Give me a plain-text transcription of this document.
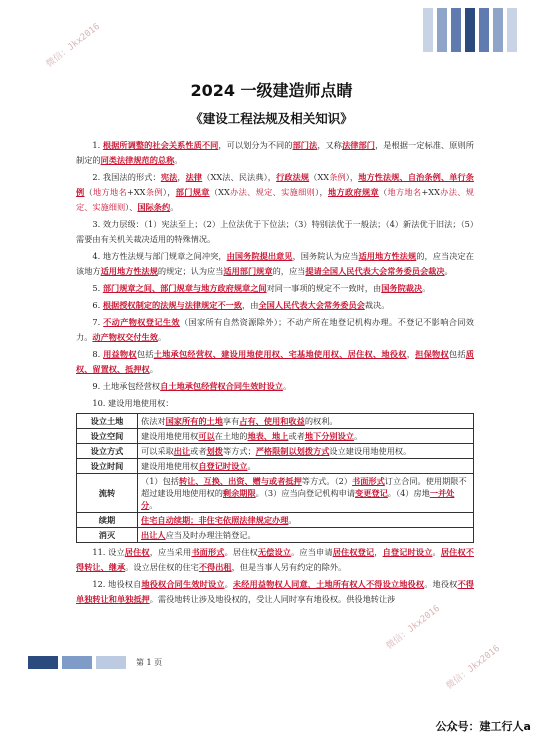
微信：Jkx2016
微信：Jkx2016
微信：Jkx2016
2024 一级建造师点睛
《建设工程法规及相关知识》

1. 根据所调整的社会关系性质不同，可以划分为不同的部门法，又称法律部门，是根据一定标准、原则所制定的同类法律规范的总称。

2. 我国法的形式：宪法，法律（XX法、民法典），行政法规（XX条例），地方性法规、自治条例、单行条例（地方地名+XX条例），部门规章（XX办法、规定、实施细则），地方政府规章（地方地名+XX办法、规定、实施细则）、国际条约。

3. 效力层级：（1）宪法至上；（2）上位法优于下位法；（3）特别法优于一般法；（4）新法优于旧法；（5）需要由有关机关裁决适用的特殊情况。

4. 地方性法规与部门规章之间冲突，由国务院提出意见，国务院认为应当适用地方性法规的，应当决定在该地方适用地方性法规的规定；认为应当适用部门规章的，应当提请全国人民代表大会常务委员会裁决。

5. 部门规章之间、部门规章与地方政府规章之间对同一事项的规定不一致时，由国务院裁决。

6. 根据授权制定的法规与法律规定不一致，由全国人民代表大会常务委员会裁决。

7. 不动产物权登记生效（国家所有自然资源除外）；不动产所在地登记机构办理。不登记不影响合同效力。动产物权交付生效。

8. 用益物权包括土地承包经营权、建设用地使用权、宅基地使用权、居住权、地役权，担保物权包括质权、留置权、抵押权。

9. 土地承包经营权自土地承包经营权合同生效时设立。

10. 建设用地使用权：

设立土地	依法对国家所有的土地享有占有、使用和收益的权利。
设立空间	建设用地使用权可以在土地的地表、地上或者地下分别设立。
设立方式	可以采取出让或者划拨等方式；严格限制以划拨方式设立建设用地使用权。
设立时间	建设用地使用权自登记时设立。
流转	（1）包括转让、互换、出资、赠与或者抵押等方式。（2）书面形式订立合同。使用期限不超过建设用地使用权的剩余期限。（3）应当向登记机构申请变更登记。（4）房地一并处分。
续期	住宅自动续期；非住宅依照法律规定办理。
消灭	出让人应当及时办理注销登记。

11. 设立居住权，应当采用书面形式。居住权无偿设立。应当申请居住权登记，自登记时设立。居住权不得转让、继承。设立居住权的住宅不得出租，但是当事人另有约定的除外。

12. 地役权自地役权合同生效时设立。未经用益物权人同意，土地所有权人不得设立地役权。地役权不得单独转让和单独抵押。需役地转让涉及地役权的，受让人同时享有地役权。供役地转让涉

第 1 页
公众号：建工行人a
